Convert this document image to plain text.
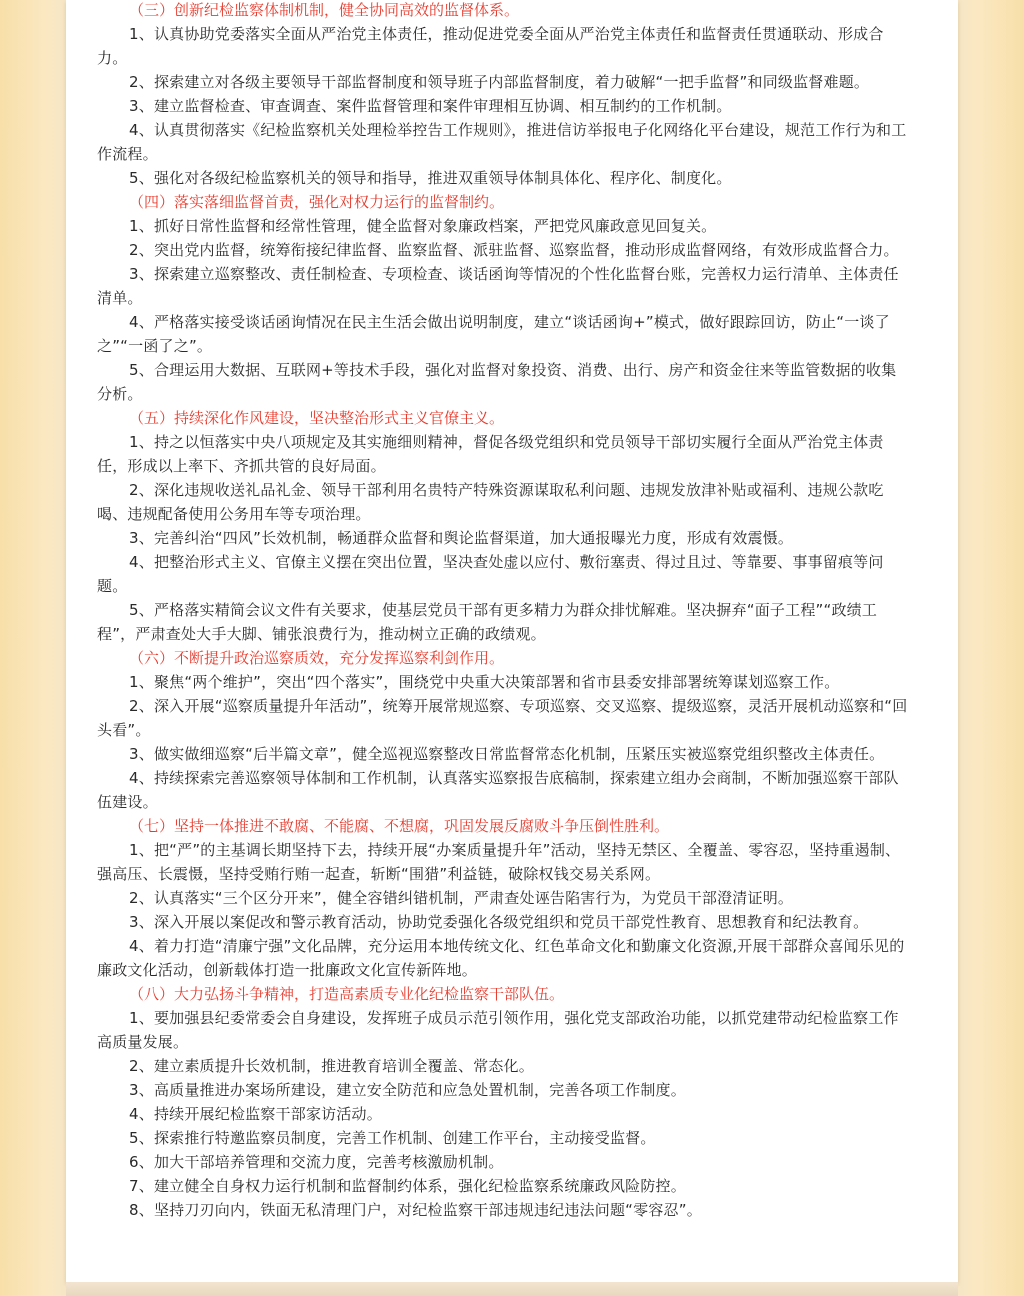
（三）创新纪检监察体制机制，健全协同高效的监督体系。

1、认真协助党委落实全面从严治党主体责任，推动促进党委全面从严治党主体责任和监督责任贯通联动、形成合力。

2、探索建立对各级主要领导干部监督制度和领导班子内部监督制度，着力破解“一把手监督”和同级监督难题。

3、建立监督检查、审查调查、案件监督管理和案件审理相互协调、相互制约的工作机制。

4、认真贯彻落实《纪检监察机关处理检举控告工作规则》，推进信访举报电子化网络化平台建设，规范工作行为和工作流程。

5、强化对各级纪检监察机关的领导和指导，推进双重领导体制具体化、程序化、制度化。

（四）落实落细监督首责，强化对权力运行的监督制约。

1、抓好日常性监督和经常性管理，健全监督对象廉政档案，严把党风廉政意见回复关。

2、突出党内监督，统筹衔接纪律监督、监察监督、派驻监督、巡察监督，推动形成监督网络，有效形成监督合力。

3、探索建立巡察整改、责任制检查、专项检查、谈话函询等情况的个性化监督台账，完善权力运行清单、主体责任清单。

4、严格落实接受谈话函询情况在民主生活会做出说明制度，建立“谈话函询+”模式，做好跟踪回访，防止“一谈了之”“一函了之”。

5、合理运用大数据、互联网+等技术手段，强化对监督对象投资、消费、出行、房产和资金往来等监管数据的收集分析。

（五）持续深化作风建设，坚决整治形式主义官僚主义。

1、持之以恒落实中央八项规定及其实施细则精神，督促各级党组织和党员领导干部切实履行全面从严治党主体责任，形成以上率下、齐抓共管的良好局面。

2、深化违规收送礼品礼金、领导干部利用名贵特产特殊资源谋取私利问题、违规发放津补贴或福利、违规公款吃喝、违规配备使用公务用车等专项治理。

3、完善纠治“四风”长效机制，畅通群众监督和舆论监督渠道，加大通报曝光力度，形成有效震慑。

4、把整治形式主义、官僚主义摆在突出位置，坚决查处虚以应付、敷衍塞责、得过且过、等靠要、事事留痕等问题。

5、严格落实精简会议文件有关要求，使基层党员干部有更多精力为群众排忧解难。坚决摒弃“面子工程”“政绩工程”，严肃查处大手大脚、铺张浪费行为，推动树立正确的政绩观。

（六）不断提升政治巡察质效，充分发挥巡察利剑作用。

1、聚焦“两个维护”，突出“四个落实”，围绕党中央重大决策部署和省市县委安排部署统筹谋划巡察工作。

2、深入开展“巡察质量提升年活动”，统筹开展常规巡察、专项巡察、交叉巡察、提级巡察，灵活开展机动巡察和“回头看”。

3、做实做细巡察“后半篇文章”，健全巡视巡察整改日常监督常态化机制，压紧压实被巡察党组织整改主体责任。

4、持续探索完善巡察领导体制和工作机制，认真落实巡察报告底稿制，探索建立组办会商制，不断加强巡察干部队伍建设。

（七）坚持一体推进不敢腐、不能腐、不想腐，巩固发展反腐败斗争压倒性胜利。

1、把“严”的主基调长期坚持下去，持续开展“办案质量提升年”活动，坚持无禁区、全覆盖、零容忍，坚持重遏制、强高压、长震慑，坚持受贿行贿一起查，斩断“围猎”利益链，破除权钱交易关系网。

2、认真落实“三个区分开来”，健全容错纠错机制，严肃查处诬告陷害行为，为党员干部澄清证明。

3、深入开展以案促改和警示教育活动，协助党委强化各级党组织和党员干部党性教育、思想教育和纪法教育。

4、着力打造“清廉宁强”文化品牌，充分运用本地传统文化、红色革命文化和勤廉文化资源,开展干部群众喜闻乐见的廉政文化活动，创新载体打造一批廉政文化宣传新阵地。

（八）大力弘扬斗争精神，打造高素质专业化纪检监察干部队伍。

1、要加强县纪委常委会自身建设，发挥班子成员示范引领作用，强化党支部政治功能，以抓党建带动纪检监察工作高质量发展。

2、建立素质提升长效机制，推进教育培训全覆盖、常态化。

3、高质量推进办案场所建设，建立安全防范和应急处置机制，完善各项工作制度。

4、持续开展纪检监察干部家访活动。

5、探索推行特邀监察员制度，完善工作机制、创建工作平台，主动接受监督。

6、加大干部培养管理和交流力度，完善考核激励机制。

7、建立健全自身权力运行机制和监督制约体系，强化纪检监察系统廉政风险防控。

8、坚持刀刃向内，铁面无私清理门户，对纪检监察干部违规违纪违法问题“零容忍”。
